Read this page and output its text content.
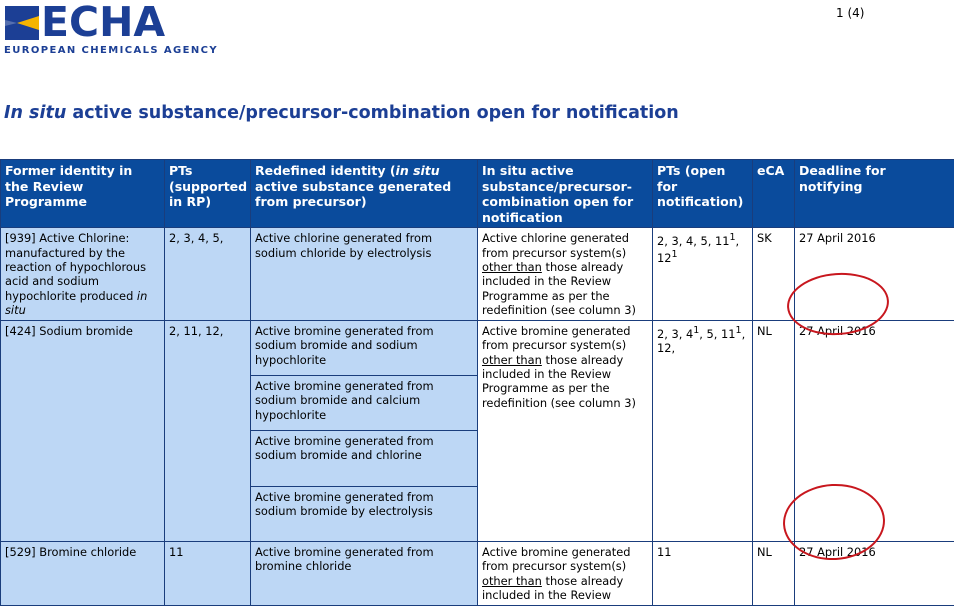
ECHA
EUROPEAN CHEMICALS AGENCY
1 (4)
In situ active substance/precursor-combination open for notification
Former identity in the Review Programme	PTs (supported in RP)	Redefined identity (in situ active substance generated from precursor)	In situ active substance/precursor-combination open for notification	PTs (open for notification)	eCA	Deadline for notifying
[939] Active Chlorine: manufactured by the reaction of hypochlorous acid and sodium hypochlorite produced in situ	2, 3, 4, 5,	Active chlorine generated from sodium chloride by electrolysis	Active chlorine generated from precursor system(s) other than those already included in the Review Programme as per the redefinition (see column 3)	2, 3, 4, 5, $11^1$, $12^1$	SK	27 April 2016
[424] Sodium bromide	2, 11, 12,	Active bromine generated from sodium bromide and sodium hypochlorite	Active bromine generated from precursor system(s) other than those already included in the Review Programme as per the redefinition (see column 3)	2, 3, $4^1$, 5, $11^1$, 12,	NL	27 April 2016
		Active bromine generated from sodium bromide and calcium hypochlorite				
		Active bromine generated from sodium bromide and chlorine				
		Active bromine generated from sodium bromide by electrolysis				
[529] Bromine chloride	11	Active bromine generated from bromine chloride	Active bromine generated from precursor system(s) other than those already included in the Review	11	NL	27 April 2016
